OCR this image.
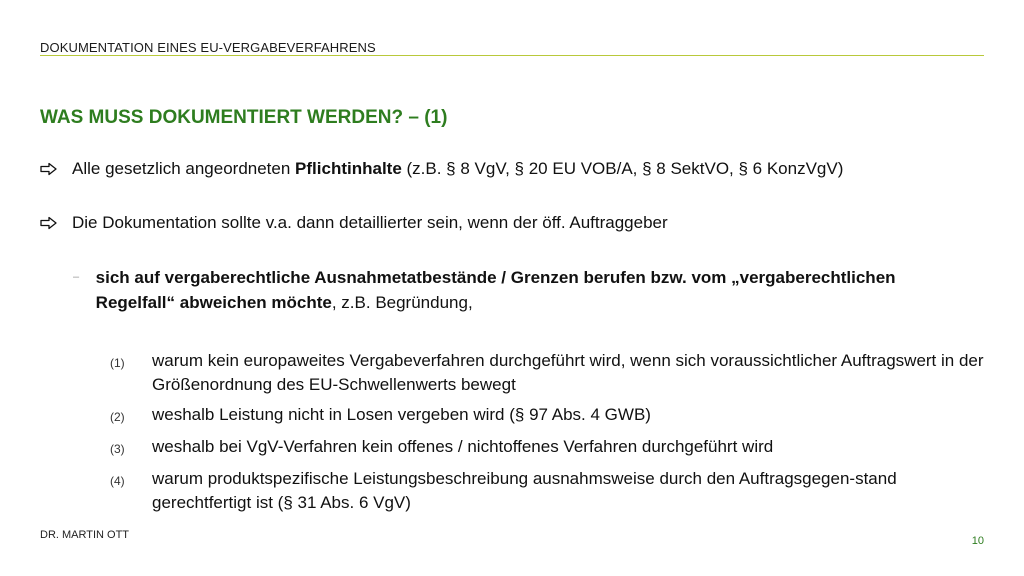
DOKUMENTATION EINES EU-VERGABEVERFAHRENS
WAS MUSS DOKUMENTIERT WERDEN? – (1)
Alle gesetzlich angeordneten Pflichtinhalte (z.B. § 8 VgV, § 20 EU VOB/A, § 8 SektVO, § 6 KonzVgV)
Die Dokumentation sollte v.a. dann detaillierter sein, wenn der öff. Auftraggeber
– sich auf vergaberechtliche Ausnahmetatbestände / Grenzen berufen bzw. vom „vergaberechtlichen Regelfall“ abweichen möchte, z.B. Begründung,
(1)	warum kein europaweites Vergabeverfahren durchgeführt wird, wenn sich voraussichtlicher Auftragswert in der Größenordnung des EU-Schwellenwerts bewegt
(2)	weshalb Leistung nicht in Losen vergeben wird (§ 97 Abs. 4 GWB)
(3)	weshalb bei VgV-Verfahren kein offenes / nichtoffenes Verfahren durchgeführt wird
(4)	warum produktspezifische Leistungsbeschreibung ausnahmsweise durch den Auftragsgegen-stand gerechtfertigt ist (§ 31 Abs. 6 VgV)
DR. MARTIN OTT	10
